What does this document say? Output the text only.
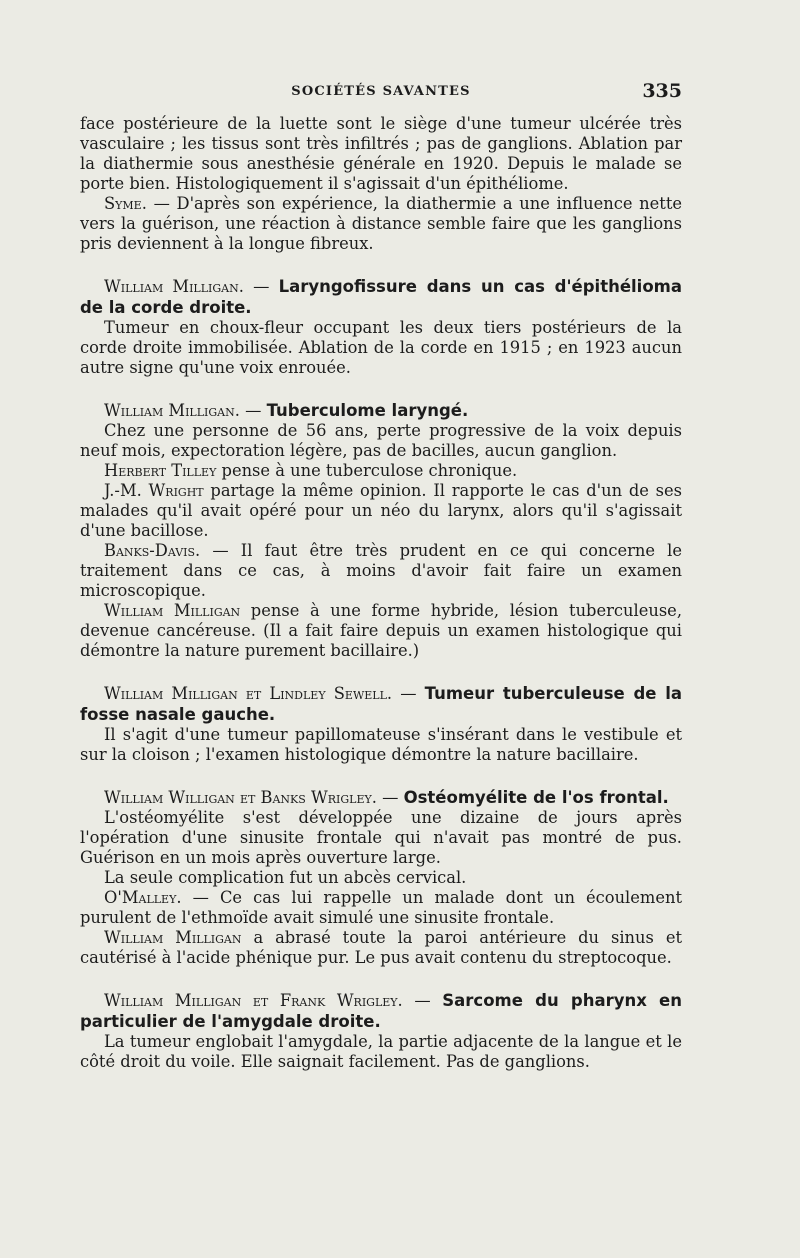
SOCIÉTÉS SAVANTES	335

face postérieure de la luette sont le siège d'une tumeur ulcérée très vasculaire ; les tissus sont très infiltrés ; pas de ganglions. Ablation par la diathermie sous anesthésie générale en 1920. Depuis le malade se porte bien. Histologiquement il s'agissait d'un épithéliome.

Syme. — D'après son expérience, la diathermie a une influence nette vers la guérison, une réaction à distance semble faire que les ganglions pris deviennent à la longue fibreux.

William Milligan. — Laryngofissure dans un cas d'épithélioma de la corde droite.

Tumeur en choux-fleur occupant les deux tiers postérieurs de la corde droite immobilisée. Ablation de la corde en 1915 ; en 1923 aucun autre signe qu'une voix enrouée.

William Milligan. — Tuberculome laryngé.

Chez une personne de 56 ans, perte progressive de la voix depuis neuf mois, expectoration légère, pas de bacilles, aucun ganglion.

Herbert Tilley pense à une tuberculose chronique.

J.-M. Wright partage la même opinion. Il rapporte le cas d'un de ses malades qu'il avait opéré pour un néo du larynx, alors qu'il s'agissait d'une bacillose.

Banks-Davis. — Il faut être très prudent en ce qui concerne le traitement dans ce cas, à moins d'avoir fait faire un examen microscopique.

William Milligan pense à une forme hybride, lésion tuberculeuse, devenue cancéreuse. (Il a fait faire depuis un examen histologique qui démontre la nature purement bacillaire.)

William Milligan et Lindley Sewell. — Tumeur tuberculeuse de la fosse nasale gauche.

Il s'agit d'une tumeur papillomateuse s'insérant dans le vestibule et sur la cloison ; l'examen histologique démontre la nature bacillaire.

William Willigan et Banks Wrigley. — Ostéomyélite de l'os frontal.

L'ostéomyélite s'est développée une dizaine de jours après l'opération d'une sinusite frontale qui n'avait pas montré de pus. Guérison en un mois après ouverture large.

La seule complication fut un abcès cervical.

O'Malley. — Ce cas lui rappelle un malade dont un écoulement purulent de l'ethmoïde avait simulé une sinusite frontale.

William Milligan a abrasé toute la paroi antérieure du sinus et cautérisé à l'acide phénique pur. Le pus avait contenu du streptocoque.

William Milligan et Frank Wrigley. — Sarcome du pharynx en particulier de l'amygdale droite.

La tumeur englobait l'amygdale, la partie adjacente de la langue et le côté droit du voile. Elle saignait facilement. Pas de ganglions.
